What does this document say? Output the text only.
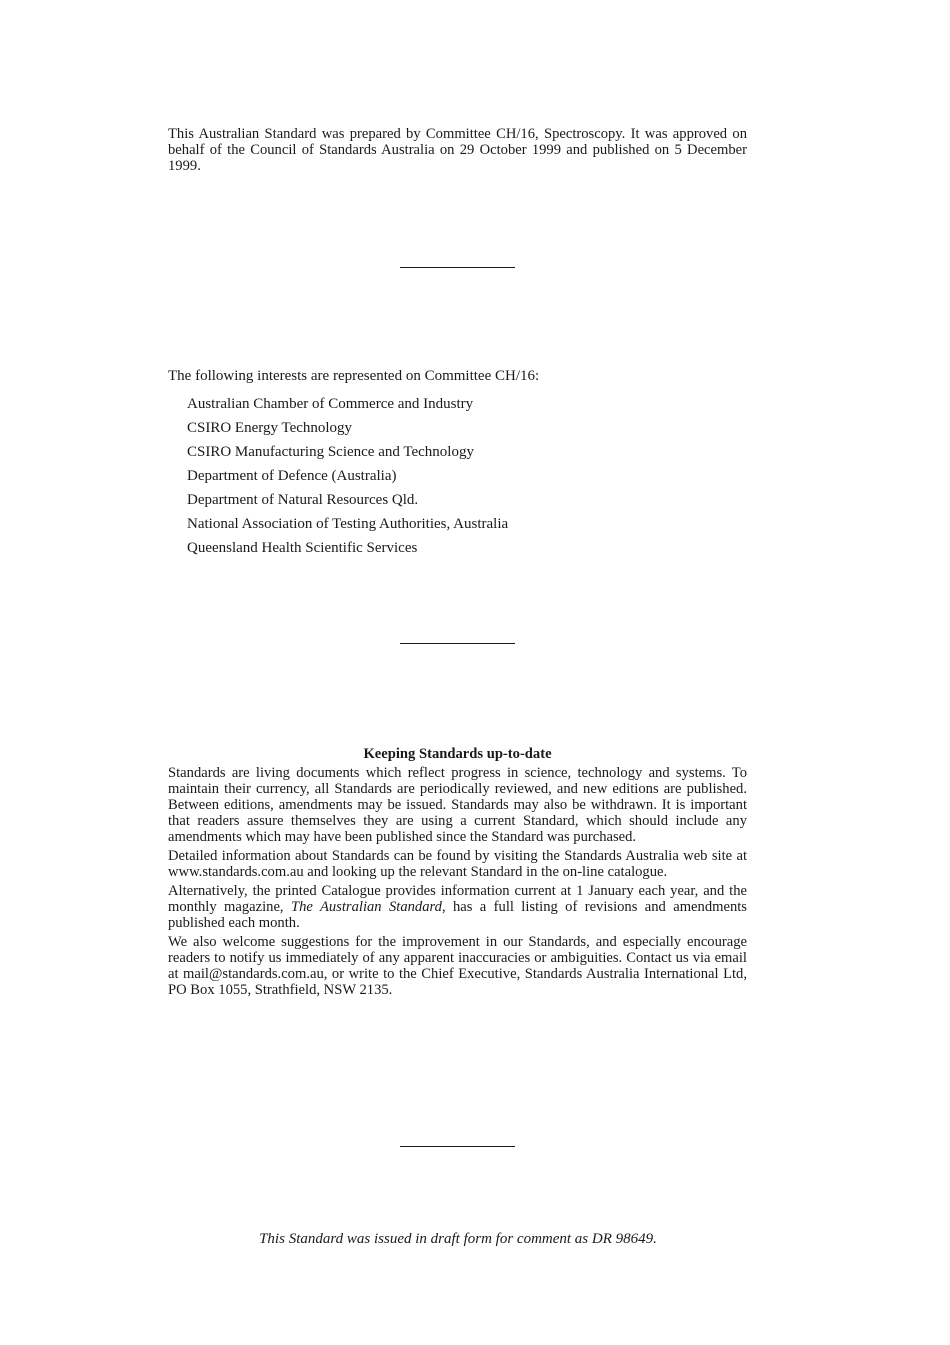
This Australian Standard was prepared by Committee CH/16, Spectroscopy. It was approved on behalf of the Council of Standards Australia on 29 October 1999 and published on 5 December 1999.

The following interests are represented on Committee CH/16:

Australian Chamber of Commerce and Industry
CSIRO Energy Technology
CSIRO Manufacturing Science and Technology
Department of Defence (Australia)
Department of Natural Resources Qld.
National Association of Testing Authorities, Australia
Queensland Health Scientific Services
Keeping Standards up-to-date

Standards are living documents which reflect progress in science, technology and systems. To maintain their currency, all Standards are periodically reviewed, and new editions are published. Between editions, amendments may be issued. Standards may also be withdrawn. It is important that readers assure themselves they are using a current Standard, which should include any amendments which may have been published since the Standard was purchased.

Detailed information about Standards can be found by visiting the Standards Australia web site at www.standards.com.au and looking up the relevant Standard in the on-line catalogue.

Alternatively, the printed Catalogue provides information current at 1 January each year, and the monthly magazine, The Australian Standard, has a full listing of revisions and amendments published each month.

We also welcome suggestions for the improvement in our Standards, and especially encourage readers to notify us immediately of any apparent inaccuracies or ambiguities. Contact us via email at mail@standards.com.au, or write to the Chief Executive, Standards Australia International Ltd, PO Box 1055, Strathfield, NSW 2135.

This Standard was issued in draft form for comment as DR 98649.
